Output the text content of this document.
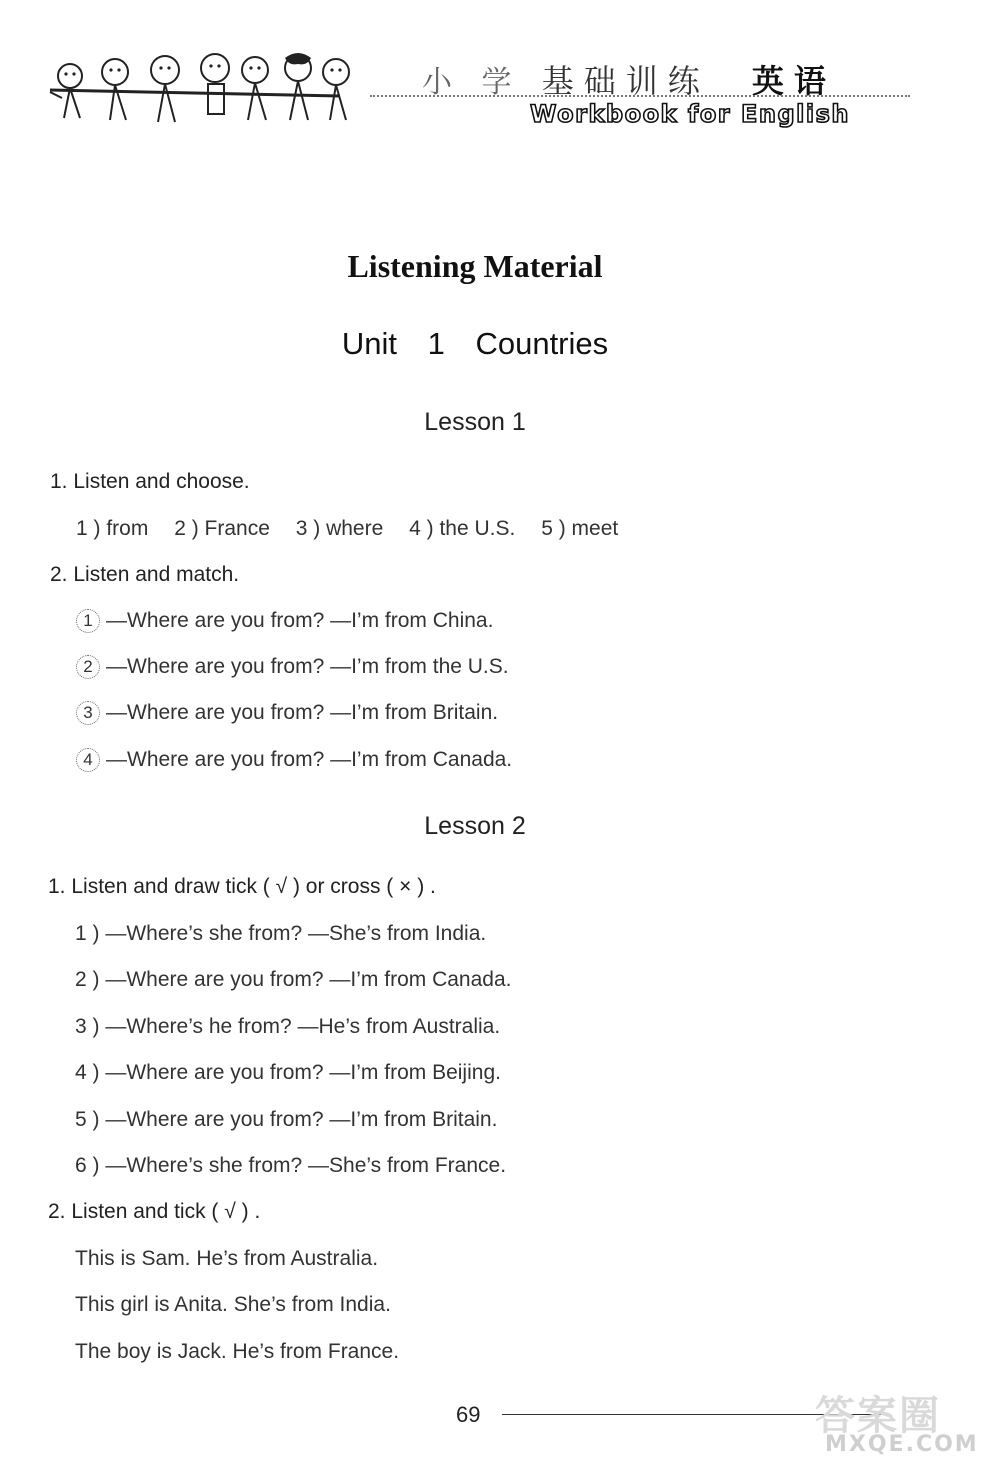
小 学 基础训练 英语
Workbook for English
Listening Material
Unit 1 Countries
Lesson 1
1. Listen and choose.
1 ) from 2 ) France 3 ) where 4 ) the U.S. 5 ) meet
2. Listen and match.
1 —Where are you from? —I’m from China.
2 —Where are you from? —I’m from the U.S.
3 —Where are you from? —I’m from Britain.
4 —Where are you from? —I’m from Canada.
Lesson 2
1. Listen and draw tick ( √ ) or cross ( × ) .
1 ) —Where’s she from? —She’s from India.
2 ) —Where are you from? —I’m from Canada.
3 ) —Where’s he from? —He’s from Australia.
4 ) —Where are you from? —I’m from Beijing.
5 ) —Where are you from? —I’m from Britain.
6 ) —Where’s she from? —She’s from France.
2. Listen and tick ( √ ) .
This is Sam. He’s from Australia.
This girl is Anita. She’s from India.
The boy is Jack. He’s from France.
69	答案圈
MXQE.COM
